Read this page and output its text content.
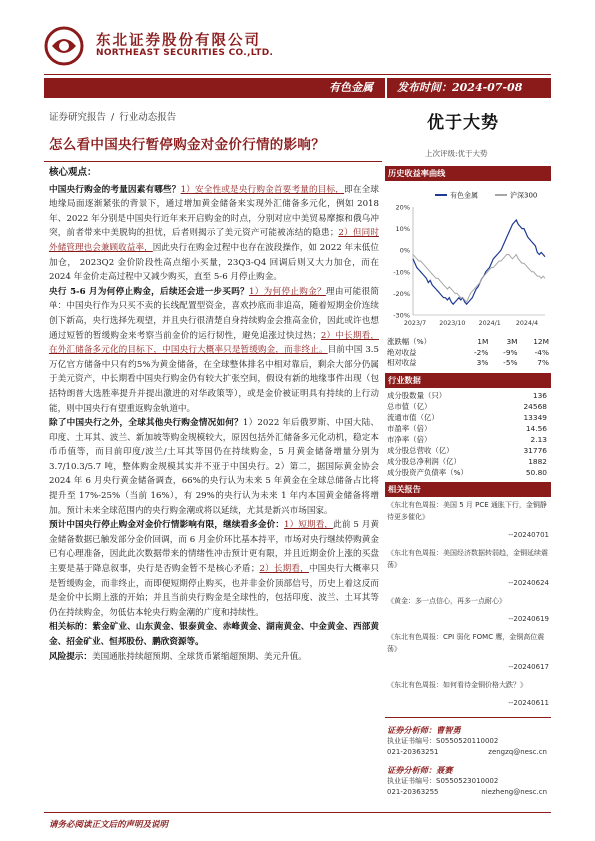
东北证券股份有限公司
NORTHEAST SECURITIES CO.,LTD.
有色金属	发布时间：2024-07-08
证券研究报告 / 行业动态报告	优于大势
怎么看中国央行暂停购金对金价行情的影响？
上次评级:优于大势
核心观点：

中国央行购金的考量因素有哪些？1）安全性或是央行购金首要考量的目标，即在全球地缘局面逐渐紧张的背景下，通过增加黄金储备来实现外汇储备多元化，例如 2018 年、2022 年分别是中国央行近年来开启购金的时点，分别对应中美贸易摩擦和俄乌冲突，前者带来中美脱钩的担忧，后者则揭示了美元资产可能被冻结的隐患；2）但同时外储管理也会兼顾收益率，因此央行在购金过程中也存在波段操作，如 2022 年末低位加仓， 2023Q2 金价阶段性高点缩小买量，23Q3-Q4 回调后则又大力加仓，而在 2024 年金价走高过程中又减少购买，直至 5-6 月停止购金。

央行 5-6 月为何停止购金，后续还会进一步买吗？1）为何停止购金？理由可能很简单：中国央行作为只买不卖的长线配置型资金，喜欢抄底而非追高，随着短期金价连续创下新高，央行选择先观望，并且央行很清楚自身持续购金会推高金价，因此或许也想通过短暂的暂缓购金来考察当前金价的运行韧性，避免追涨过快过热；2）中长期看，在外汇储备多元化的目标下，中国央行大概率只是暂缓购金，而非终止。目前中国 3.5 万亿官方储备中只有约5%为黄金储备，在全球整体排名中相对靠后，剩余大部分仍属于美元资产，中长期看中国央行购金仍有较大扩张空间，假设有新的地缘事件出现（包括特朗普大选胜率提升并提出激进的对华政策等），或是金价被证明具有持续的上行动能，则中国央行有望重返购金轨道中。

除了中国央行之外，全球其他央行购金情况如何？1）2022 年后俄罗斯、中国大陆、印度、土耳其、波兰、新加坡等购金规模较大，原因包括外汇储备多元化动机，稳定本币币值等，而目前印度/波兰/土耳其等国仍在持续购金，5 月黄金储备增量分别为 3.7/10.3/5.7 吨，整体购金规模其实并不亚于中国央行。2）第二，据国际黄金协会 2024 年 6 月央行黄金储备调查，66%的央行认为未来 5 年黄金在全球总储备占比将提升至 17%-25%（当前 16%），有 29%的央行认为未来 1 年内本国黄金储备将增加。预计未来全球范围内的央行购金潮或将以延续，尤其是新兴市场国家。

预计中国央行停止购金对金价行情影响有限，继续看多金价：1）短期看，此前 5 月黄金储备数据已触发部分金价回调，而 6 月金价环比基本持平，市场对央行继续停购黄金已有心理准备，因此此次数据带来的情绪性冲击预计更有限，并且近期金价上涨的买盘主要是基于降息叙事，央行是否购金暂不是核心矛盾；2）长期看，中国央行大概率只是暂缓购金，而非终止，而即便短期停止购买，也并非金价顶部信号，历史上着这反而是金价中长期上涨的开始；并且当前央行购金是全球性的，包括印度、波兰、土耳其等仍在持续购金，勿低估本轮央行购金潮的广度和持续性。

相关标的：紫金矿业、山东黄金、银泰黄金、赤峰黄金、湖南黄金、中金黄金、西部黄金、招金矿业、恒邦股份、鹏欣资源等。

风险提示：美国通胀持续超预期、全球货币紧缩超预期、美元升值。

历史收益率曲线
20%
10%
0%
-10%
-20%
-30%
2023/7 2023/10 2024/1 2024/4
有色金属	沪深300
涨跌幅（%）	1M	3M	12M
绝对收益	-2%	-9%	-4%
相对收益	3%	-5%	7%
行业数据
成分股数量（只）	136
总市值（亿）	24568
流通市值（亿）	13349
市盈率（倍）	14.56
市净率（倍）	2.13
成分股总营收（亿）	31776
成分股总净利润（亿）	1882
成分股资产负债率（%）	50.80
相关报告
《东北有色周报：美国 5 月 PCE 通胀下行，金铜静待更多催化》
--20240701
《东北有色周报：美国经济数据转弱趋，金铜延续震荡》
--20240624
《黄金：多一点信心，再多一点耐心》
--20240619
《东北有色周报：CPI 弱化 FOMC 鹰，金铜高位震荡》
--20240617
《东北有色周报：如何看待金铜价格大跌？》
--20240611
证券分析师：曹智勇
执业证书编号：S0550520110002
021-20363251	zengzq@nesc.cn
证券分析师：聂赛
执业证书编号：S0550523010002
021-20363255	niezheng@nesc.cn
请务必阅读正文后的声明及说明
